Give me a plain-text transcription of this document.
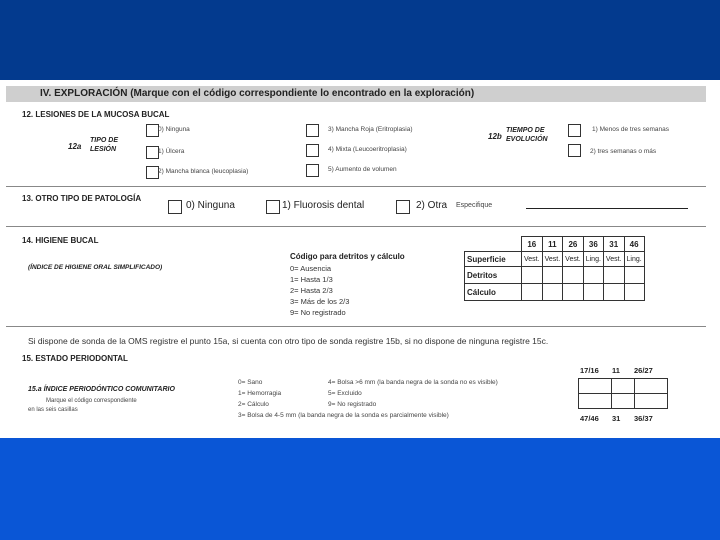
IV. EXPLORACIÓN (Marque con el código correspondiente lo encontrado en la exploración)
12. LESIONES DE LA MUCOSA BUCAL
12a
TIPO DE LESIÓN
0) Ninguna
1) Úlcera
2) Mancha blanca (leucoplasia)
3) Mancha Roja (Eritroplasia)
4) Mixta (Leucoeritroplasia)
5) Aumento de volumen
12b
TIEMPO DE EVOLUCIÓN
1) Menos de tres semanas
2) tres semanas o más
13. OTRO TIPO DE PATOLOGÍA
0) Ninguna	1) Fluorosis dental	2) Otra Especifique
14. HIGIENE BUCAL
(ÍNDICE DE HIGIENE ORAL SIMPLIFICADO)
Código para detritos y cálculo
0= Ausencia
1= Hasta 1/3
2= Hasta 2/3
3= Más de los 2/3
9= No registrado
	16	11	26	36	31	46
Superficie	Vest.	Vest.	Vest.	Ling.	Vest.	Ling.
Detritos						
Cálculo						
Si dispone de sonda de la OMS registre el punto 15a, si cuenta con otro tipo de sonda registre 15b, si no dispone de ninguna registre 15c.
15. ESTADO PERIODONTAL
15.a ÍNDICE PERIODÓNTICO COMUNITARIO
Marque el código correspondiente
en las seis casillas
0= Sano
1= Hemorragia
2= Cálculo
3= Bolsa de 4-5 mm (la banda negra de la sonda es parcialmente visible)
4= Bolsa >6 mm (la banda negra de la sonda no es visible)
5= Excluido
9= No registrado
17/16 11 26/27

47/46 31 36/37
